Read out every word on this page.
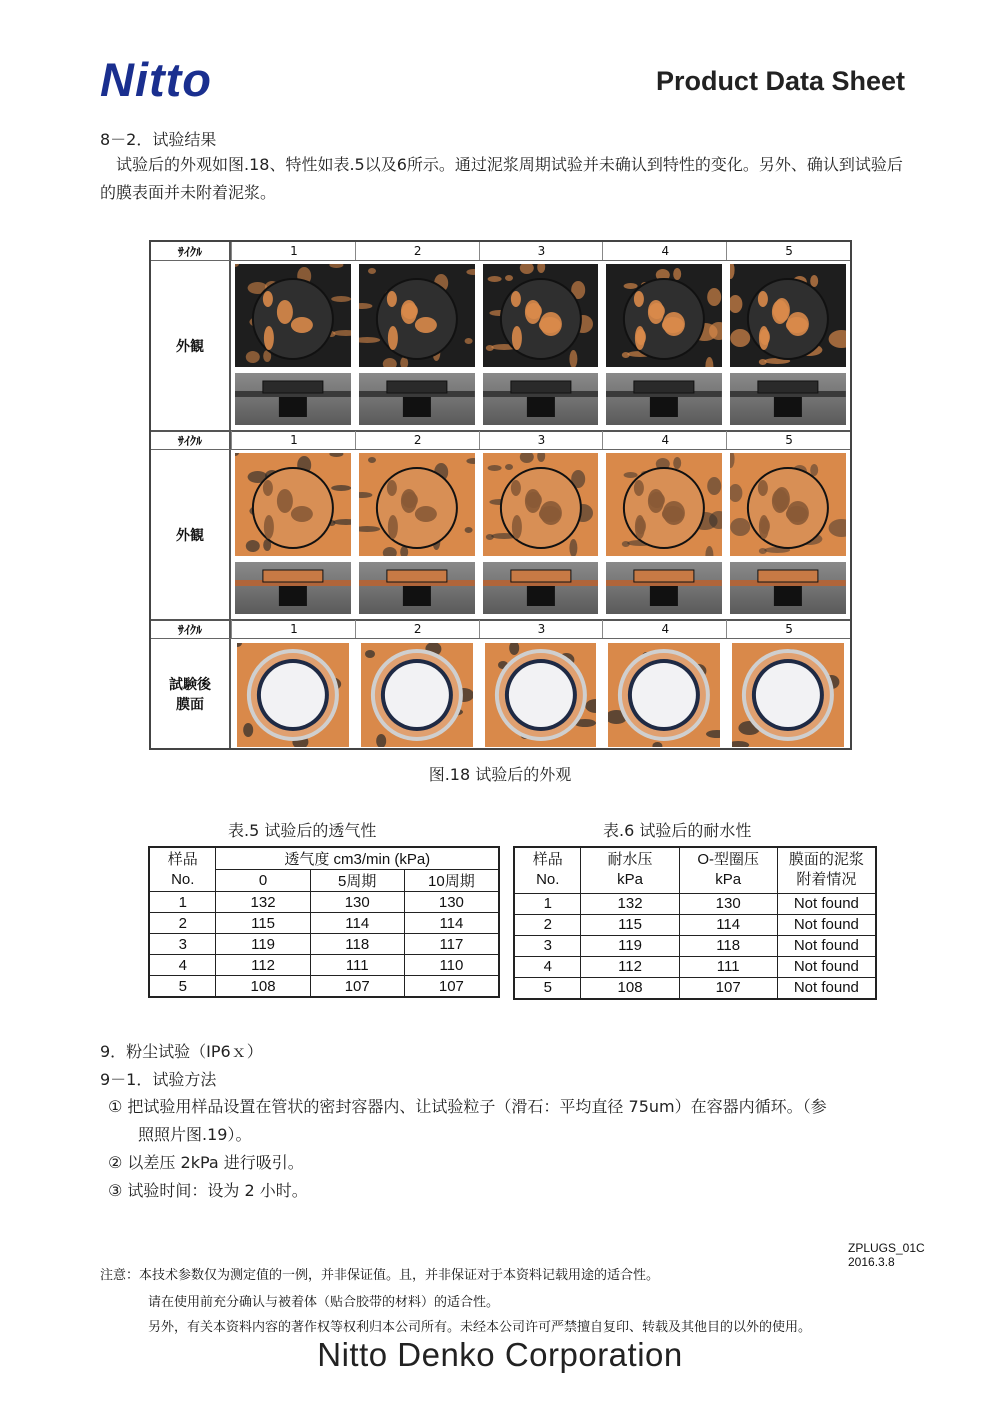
Nitto	Product Data Sheet
8－2．试验结果
试验后的外观如图.18、特性如表.5以及6所示。通过泥浆周期试验并未确认到特性的变化。另外、确认到试验后的膜表面并未附着泥浆。
ｻｲｸﾙ	1	2	3	4	5
外観
ｻｲｸﾙ	1	2	3	4	5
外観
ｻｲｸﾙ	1	2	3	4	5
試験後
膜面
图.18 试验后的外观
表.5 试验后的透气性
样品
No.	透气度 cm3/min (kPa)		
	0	5周期	10周期
1	132	130	130
2	115	114	114
3	119	118	117
4	112	111	110
5	108	107	107
表.6 试验后的耐水性
样品
No.	耐水压
kPa	O-型圈压
kPa	膜面的泥浆
附着情况
1	132	130	Not found
2	115	114	Not found
3	119	118	Not found
4	112	111	Not found
5	108	107	Not found
9．粉尘试验（IP6ｘ）
9－1．试验方法
① 把试验用样品设置在管状的密封容器内、让试验粒子（滑石：平均直径 75um）在容器内循环。（参
照照片图.19）。
② 以差压 2kPa 进行吸引。
③ 试验时间：设为 2 小时。
ZPLUGS_01C
2016.3.8
注意：本技术参数仅为测定值的一例，并非保证值。且，并非保证对于本资料记载用途的适合性。
请在使用前充分确认与被着体（贴合胶带的材料）的适合性。
另外，有关本资料内容的著作权等权利归本公司所有。未经本公司许可严禁擅自复印、转载及其他目的以外的使用。
Nitto Denko Corporation
